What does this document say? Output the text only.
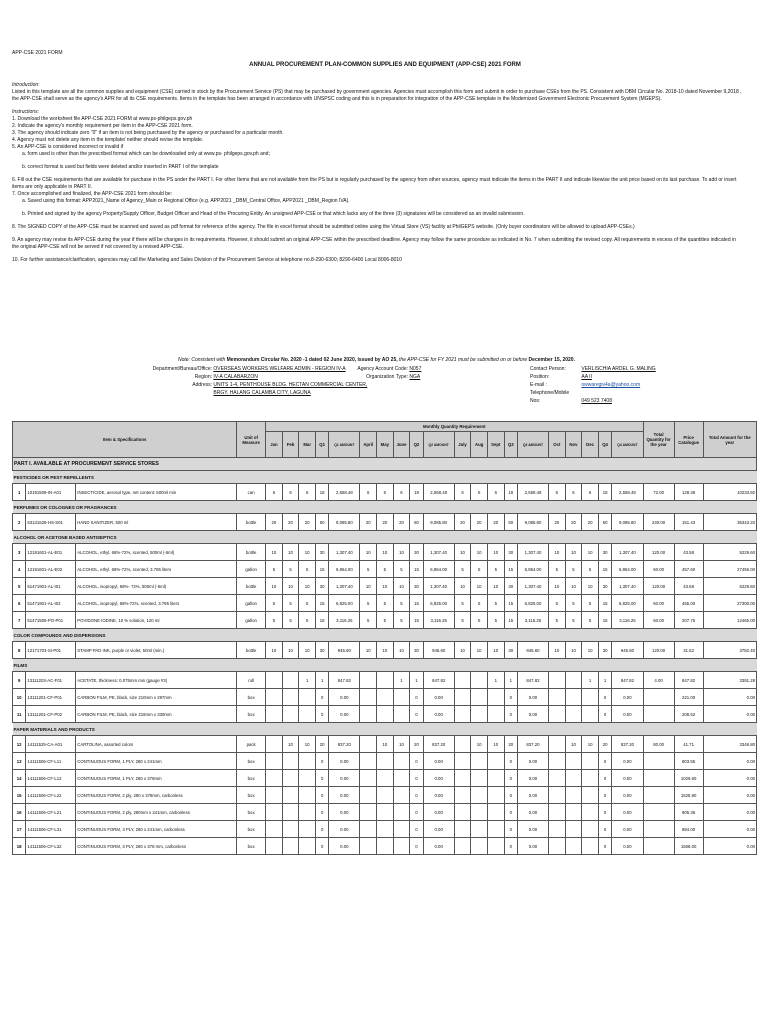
APP-CSE 2021 FORM
ANNUAL PROCUREMENT PLAN-COMMON SUPPLIES AND EQUIPMENT (APP-CSE) 2021 FORM

Introduction:

Listed in this template are all the common supplies and equipment (CSE) carried in stock by the Procurement Service (PS) that may be purchased by government agencies. Agencies must accomplish this form and submit in order to purchase CSEs from the PS. Consistent with DBM Circular No. 2018-10 dated November 9,2018 , the APP-CSE shall serve as the agency's APR for all its CSE requirements. Items in the template has been arranged in accordance with UNSPSC coding and this is in preparation for integration of the APP-CSE template in the Modernized Government Electronic Procurement System (MGEPS).

Instructions:

1. Download the worksheet file APP-CSE 2021 FORM at www.ps-philgeps.gov.ph

2. Indicate the agency's monthly requirement per item in the APP-CSE 2021 form.

3. The agency should indicate zero "0" if an item is not being purchased by the agency or purchased for a particular month.

4. Agency must not delete any item in the template/ neither should revise the template.

5. An APP-CSE is considered incorrect or invalid if

a. form used is other than the prescribed format which can be downloaded only at www.ps- philgeps.gov.ph and;

b. correct format is used but fields were deleted and/or inserted in PART I of the template

6. Fill out the CSE requirements that are available for purchase in the PS under the PART I. For other Items that are not available from the PS but is regularly purchased by the agency from other sources, agency must indicate the items in the PART II and indicate likewise the unit price based on its last purchase. To add or insert items are only applicable in PART II.

7. Once accomplished and finalized, the APP-CSE 2021 form should be:

a. Saved using this format: APP2021_Name of Agency_Main or Regional Office (e.g. APP2021 _DBM_Central Office, APP2021 _DBM_Region IVA).

b. Printed and signed by the agency Property/Supply Officer, Budget Officer and Head of the Procuring Entity. An unsigned APP-CSE or that which lacks any of the three (3) signatures will be considered as an invalid submission.

8. The SIGNED COPY of the APP-CSE must be scanned and saved as pdf format for reference of the agency. The file in excel format should be submitted online using the Virtual Store (VS) facility at PhilGEPS website. (Only buyer coordinators will be allowed to upload APP-CSEs.)

9. An agency may revise its APP-CSE during the year if there will be changes in its requirements. However, it should submit an original APP-CSE within the prescribed deadline. Agency may follow the same procedure as indicated in No. 7 when submitting the revised copy. All requirements in excess of the quantities indicated in the original APP-CSE will not be served if not covered by a revised APP-CSE.

10. For further assistance/clarification, agencies may call the Marketing and Sales Division of the Procurement Service at telephone no.8-290-6300; 8290-6400 Local 8006-8010

Note: Consistent with Memorandum Circular No. 2020 -1 dated 02 June 2020, issued by AO 25, the APP-CSE for FY 2021 must be submitted on or before December 15, 2020.
Department/Bureau/Office: OVERSEAS WORKERS WELFARE ADMIN - REGION IV-A
Region: IV-A CALABARZON
Address: UNITS 1-4, PENTHOUSE BLDG. HECTAN COMMERCIAL CENTER,
BRGY. HALANG CALAMBA CITY, LAGUNA
Agency Account Code: N057
Organization Type: NGA
Contact Person:	VERLISCHIA ARDEL G. MALING
Position:	AA II
E-mail :	owwaregiv4a@yahoo.com
Telephone/Mobile Nos:	049 523 7408
Item & Specifications			Unit of Measure	Monthly Quantity Requirement																				Total Quantity for the year	Price Catalogue	Total Amount for the year
				Jan	Feb	Mar	Q1	Q1 AMOUNT	April	May	June	Q2	Q2 AMOUNT	July	Aug	Sept	Q3	Q3 AMOUNT	Oct	Nov	Dec	Q4	Q4 AMOUNT			
PART I. AVAILABLE AT PROCUREMENT SERVICE STORES																										
PESTICIDES OR PEST REPELLENTS																										
1	10191509-IN-A01	INSECTICIDE, aerosol type, net content: 600ml min	can	6	6	6	18	2,558.48	6	6	6	18	2,558.48	6	6	6	18	2,558.48	6	6	6	18	2,558.48	72.00	128.36	10233.92
PERFUMES OR COLOGNES OR FRAGRANCES																										
2	53131626-HS-S01	HAND SANITIZER, 500 ml	bottle	20	20	20	60	9,085.80	20	20	20	60	9,085.80	20	20	20	60	9,085.80	20	20	20	60	9,085.80	240.00	151.43	36343.20
ALCOHOL OR ACETONE BASED ANTISEPTICS																										
3	12191601-AL-E01	ALCOHOL, ethyl, 68%-72%, scented, 500ml (-5ml)	bottle	10	10	10	30	1,307.40	10	10	10	30	1,307.40	10	10	10	30	1,307.40	10	10	10	30	1,307.40	120.00	43.58	5229.60
4	12191601-AL-E02	ALCOHOL, ethyl, 68%-72%, scented, 3.785 liters	gallon	5	5	5	15	6,864.00	5	5	5	15	6,864.00	5	5	5	15	6,864.00	5	5	5	15	6,864.00	60.00	457.60	27456.00
5	51471901-AL-I01	ALCOHOL, isopropyl, 68%- 72%, 500ml (-5ml)	bottle	10	10	10	30	1,307.40	10	10	10	30	1,307.40	10	10	10	30	1,307.40	10	10	10	30	1,307.40	120.00	43.58	5229.60
6	51471901-AL-I02	ALCOHOL, isopropyl, 68%-72%, scented, 3.785 liters	gallon	5	5	5	15	6,825.00	5	5	5	15	6,825.00	5	5	5	15	6,825.00	5	5	5	15	6,825.00	60.00	455.00	27300.00
7	51471505-PO-P01	POVIDONE IODINE, 10 % solution, 120 ml	gallon	5	5	5	15	3,116.25	5	5	5	15	3,116.25	5	5	5	15	3,116.25	5	5	5	15	3,116.25	60.00	207.75	12465.00
COLOR COMPOUNDS AND DISPERSIONS																										
8	12171703-SI-P01	STAMP PAD INK, purple or violet, 50ml (min.)	bottle	10	10	10	30	945.60	10	10	10	30	945.60	10	10	10	30	945.60	10	10	10	30	945.60	120.00	31.52	3782.40
FILMS																										
9	13111203-AC-F01	ACETATE, thickness: 0.075mm min (gauge #3)	roll			1	1	847.82			1	1	847.82			1	1	847.82			1	1	847.82	4.00	847.82	3391.28
10	13111201-CF-P01	CARBON FILM, PE, black, size 210mm x 297mm	box				0	0.00				0	0.00				0	0.00				0	0.00		221.00	0.00
11	13111201-CF-P02	CARBON FILM, PE, black, size 216mm x 330mm	box				0	0.00				0	0.00				0	0.00				0	0.00		208.52	0.00
PAPER MATERIALS AND PRODUCTS																										
12	14111525-CA-A01	CARTOLINA, assorted colors	pack		10	10	20	837.20		10	10	20	837.20		10	10	20	837.20		10	10	20	837.20	80.00	41.71	3348.80
13	14111506-CF-L11	CONTINUOUS FORM, 1 PLY, 280 x 241mm	box				0	0.00				0	0.00				0	0.00				0	0.00		803.55	0.00
14	14111506-CF-L12	CONTINUOUS FORM, 1 PLY, 280 x 378mm	box				0	0.00				0	0.00				0	0.00				0	0.00		1029.60	0.00
15	14111506-CF-L22	CONTINUOUS FORM, 2 ply, 280 x 378mm, carbonless	box				0	0.00				0	0.00				0	0.00				0	0.00		1528.80	0.00
16	14111506-CF-L21	CONTINUOUS FORM, 2 ply, 280mm x 241mm, carbonless	box				0	0.00				0	0.00				0	0.00				0	0.00		906.36	0.00
17	14111506-CF-L31	CONTINUOUS FORM, 3 PLY, 280 x 241mm, carbonless	box				0	0.00				0	0.00				0	0.00				0	0.00		884.00	0.00
18	14111506-CF-L32	CONTINUOUS FORM, 3 PLY, 280 x 378 mm, carbonless	box				0	0.00				0	0.00				0	0.00				0	0.00		1508.00	0.00
